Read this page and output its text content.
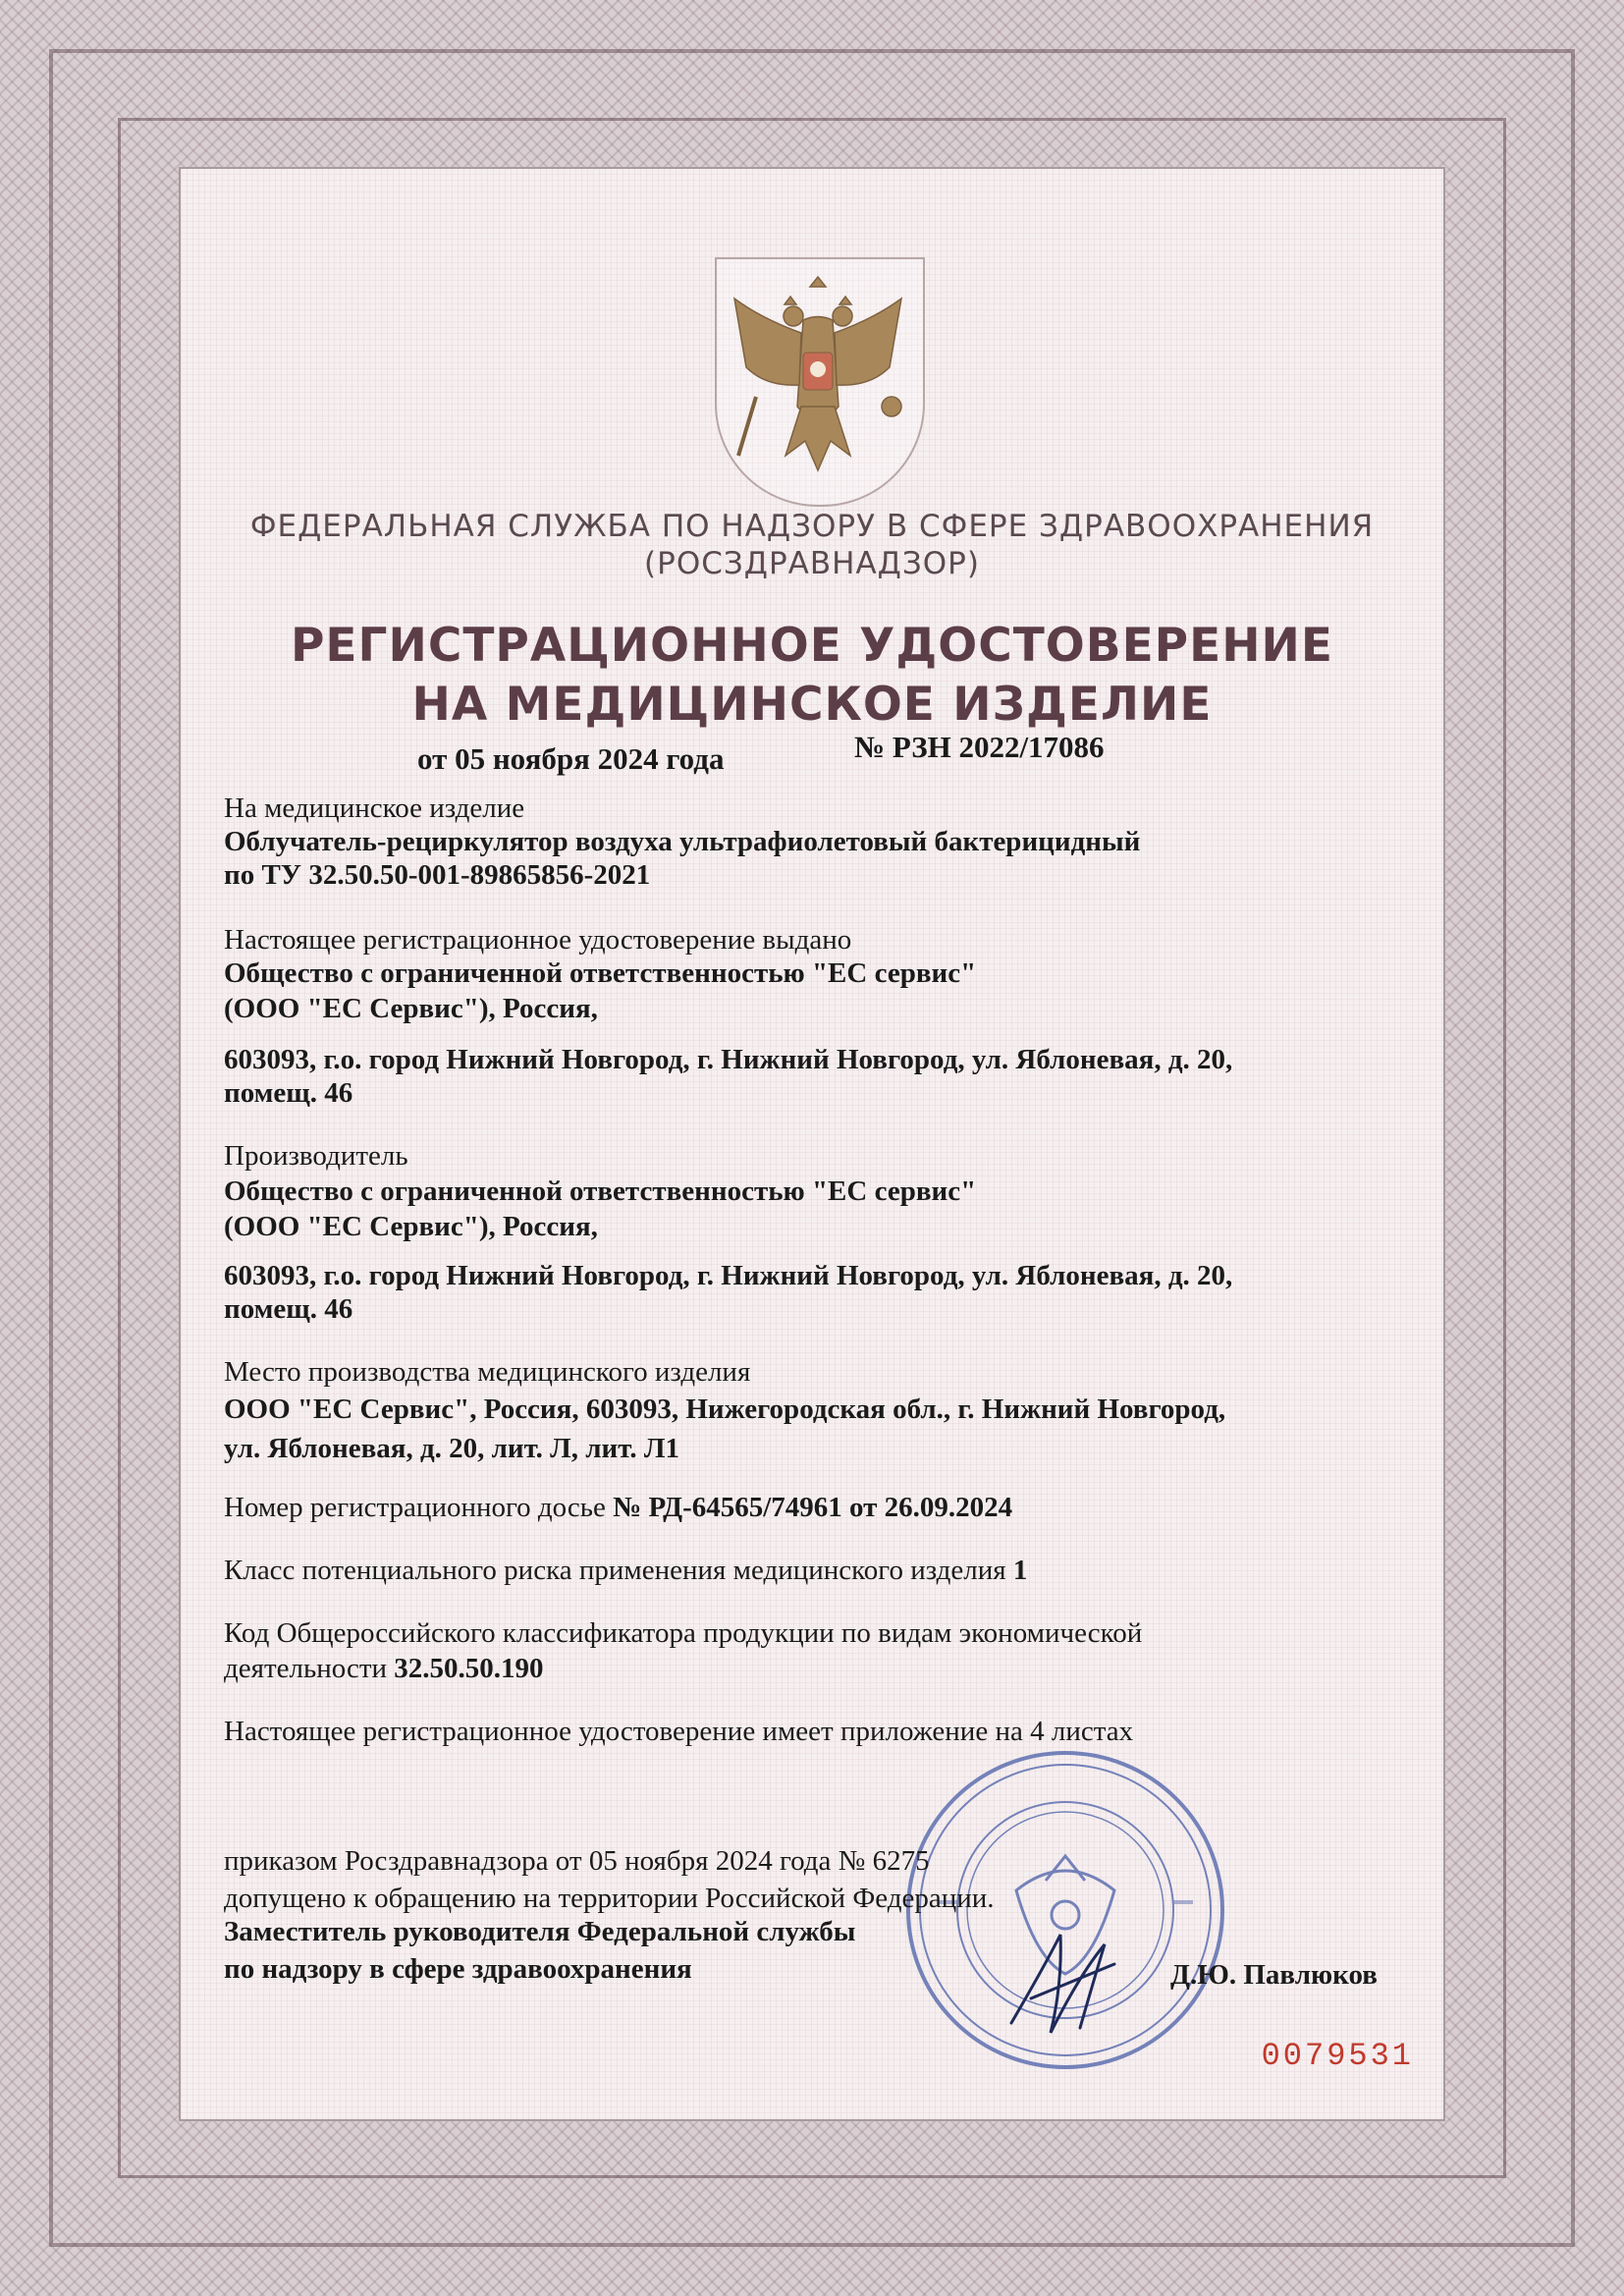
ФЕДЕРАЛЬНАЯ СЛУЖБА ПО НАДЗОРУ В СФЕРЕ ЗДРАВООХРАНЕНИЯ
(РОСЗДРАВНАДЗОР)
РЕГИСТРАЦИОННОЕ УДОСТОВЕРЕНИЕ
НА МЕДИЦИНСКОЕ ИЗДЕЛИЕ
от 05 ноября 2024 года	№ РЗН 2022/17086
На медицинское изделие
Облучатель-рециркулятор воздуха ультрафиолетовый бактерицидный
по ТУ 32.50.50-001-89865856-2021
Настоящее регистрационное удостоверение выдано
Общество с ограниченной ответственностью "ЕС сервис"
(ООО "ЕС Сервис"), Россия,
603093, г.о. город Нижний Новгород, г. Нижний Новгород, ул. Яблоневая, д. 20,
помещ. 46
Производитель
Общество с ограниченной ответственностью "ЕС сервис"
(ООО "ЕС Сервис"), Россия,
603093, г.о. город Нижний Новгород, г. Нижний Новгород, ул. Яблоневая, д. 20,
помещ. 46
Место производства медицинского изделия
ООО "ЕС Сервис", Россия, 603093, Нижегородская обл., г. Нижний Новгород,
ул. Яблоневая, д. 20, лит. Л, лит. Л1
Номер регистрационного досье № РД-64565/74961 от 26.09.2024
Класс потенциального риска применения медицинского изделия 1
Код Общероссийского классификатора продукции по видам экономической
деятельности 32.50.50.190
Настоящее регистрационное удостоверение имеет приложение на 4 листах
приказом Росздравнадзора от 05 ноября 2024 года № 6275
допущено к обращению на территории Российской Федерации.
Заместитель руководителя Федеральной службы
по надзору в сфере здравоохранения	Д.Ю. Павлюков
0079531
